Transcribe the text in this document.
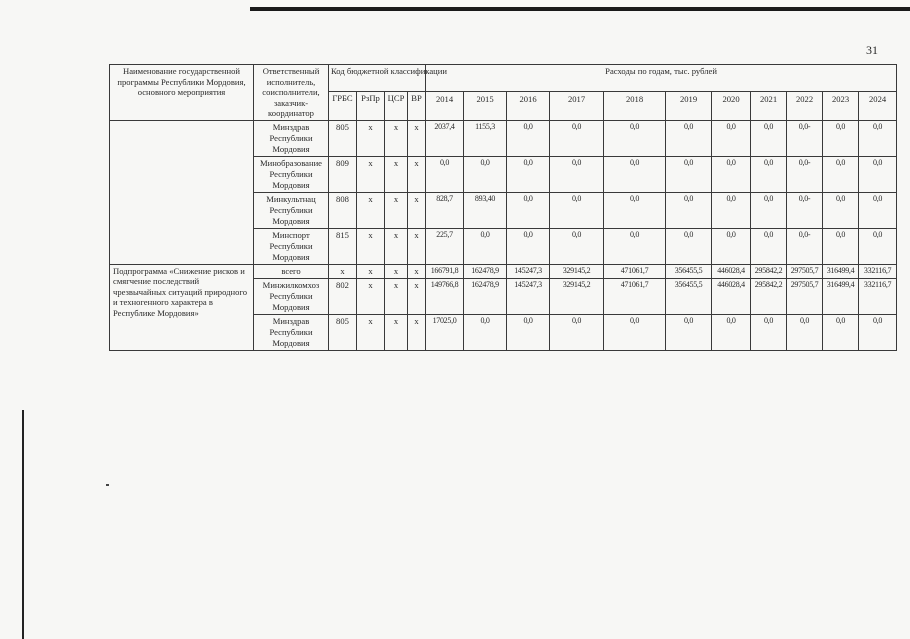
31
Наименование государственной программы Республики Мордовия, основного мероприятия	Ответственный исполнитель, соисполнители, заказчик-координатор	Код бюджетной классификации				Расходы по годам, тыс. рублей										
		ГРБС	РзПр	ЦСР	ВР	2014	2015	2016	2017	2018	2019	2020	2021	2022	2023	2024
	Минздрав Республики Мордовия	805	x	x	x	2037,4	1155,3	0,0	0,0	0,0	0,0	0,0	0,0	0,0-	0,0	0,0
	Минобразование Республики Мордовия	809	x	x	x	0,0	0,0	0,0	0,0	0,0	0,0	0,0	0,0	0,0-	0,0	0,0
	Минкультнац Республики Мордовия	808	x	x	x	828,7	893,40	0,0	0,0	0,0	0,0	0,0	0,0	0,0-	0,0	0,0
	Минспорт Республики Мордовия	815	x	x	x	225,7	0,0	0,0	0,0	0,0	0,0	0,0	0,0	0,0-	0,0	0,0
Подпрограмма «Снижение рисков и смягчение последствий чрезвычайных ситуаций природного и техногенного характера в Республике Мордовия»	всего	x	x	x	x	166791,8	162478,9	145247,3	329145,2	471061,7	356455,5	446028,4	295842,2	297505,7	316499,4	332116,7
	Минжилкомхоз Республики Мордовия	802	x	x	x	149766,8	162478,9	145247,3	329145,2	471061,7	356455,5	446028,4	295842,2	297505,7	316499,4	332116,7
	Минздрав Республики Мордовия	805	x	x	x	17025,0	0,0	0,0	0,0	0,0	0,0	0,0	0,0	0,0	0,0	0,0
